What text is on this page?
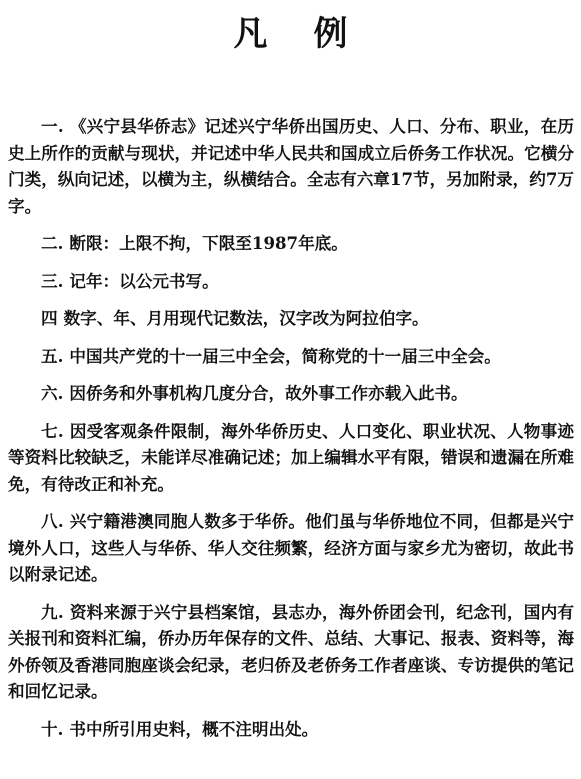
凡例

一. 《兴宁县华侨志》记述兴宁华侨出国历史、人口、分布、职业，在历史上所作的贡献与现状，并记述中华人民共和国成立后侨务工作状况。它横分门类，纵向记述，以横为主，纵横结合。全志有六章17节，另加附录，约7万字。

二. 断限：上限不拘，下限至1987年底。

三. 记年：以公元书写。

四 数字、年、月用现代记数法，汉字改为阿拉伯字。

五. 中国共产党的十一届三中全会，简称党的十一届三中全会。

六. 因侨务和外事机构几度分合，故外事工作亦载入此书。

七. 因受客观条件限制，海外华侨历史、人口变化、职业状况、人物事迹等资料比较缺乏，未能详尽准确记述；加上编辑水平有限，错误和遗漏在所难免，有待改正和补充。

八. 兴宁籍港澳同胞人数多于华侨。他们虽与华侨地位不同，但都是兴宁境外人口，这些人与华侨、华人交往频繁，经济方面与家乡尤为密切，故此书以附录记述。

九. 资料来源于兴宁县档案馆，县志办，海外侨团会刊，纪念刊，国内有关报刊和资料汇编，侨办历年保存的文件、总结、大事记、报表、资料等，海外侨领及香港同胞座谈会纪录，老归侨及老侨务工作者座谈、专访提供的笔记和回忆记录。

十. 书中所引用史料，概不注明出处。
